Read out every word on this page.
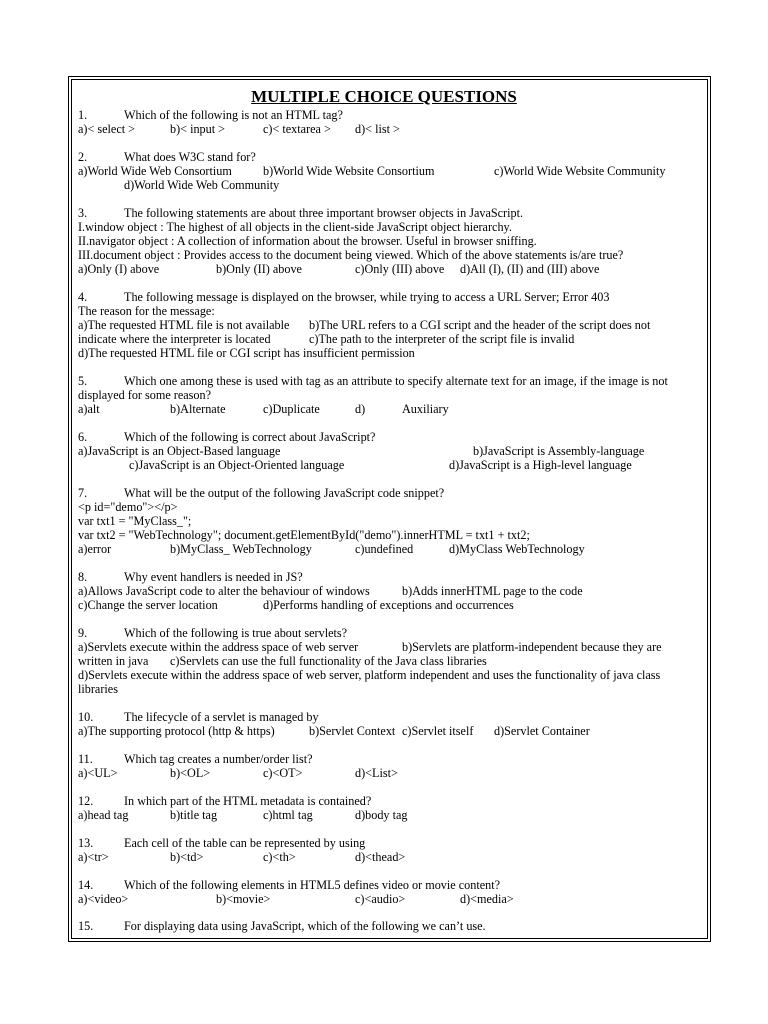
MULTIPLE CHOICE QUESTIONS
1.	Which of the following is not an HTML tag?
a)< select >	b)< input >	c)< textarea > d)< list >
2.	What does W3C stand for?
a)World Wide Web Consortium	b)World Wide Website Consortium	c)World Wide Website Community
d)World Wide Web Community
3.	The following statements are about three important browser objects in JavaScript.
I.window object : The highest of all objects in the client-side JavaScript object hierarchy.
II.navigator object : A collection of information about the browser. Useful in browser sniffing.
III.document object : Provides access to the document being viewed. Which of the above statements is/are true?
a)Only (I) above	b)Only (II) above	c)Only (III) above d)All (I), (II) and (III) above
4.	The following message is displayed on the browser, while trying to access a URL Server; Error 403
The reason for the message:
a)The requested HTML file is not available b)The URL refers to a CGI script and the header of the script does not
indicate where the interpreter is located	c)The path to the interpreter of the script file is invalid
d)The requested HTML file or CGI script has insufficient permission
5.	Which one among these is used with tag as an attribute to specify alternate text for an image, if the image is not
displayed for some reason?
a)alt	b)Alternate	c)Duplicate	d)	Auxiliary
6.	Which of the following is correct about JavaScript?
a)JavaScript is an Object-Based language	b)JavaScript is Assembly-language
c)JavaScript is an Object-Oriented language	d)JavaScript is a High-level language
7.	What will be the output of the following JavaScript code snippet?
<p id="demo"></p>
var txt1 = "MyClass_";
var txt2 = "WebTechnology"; document.getElementById("demo").innerHTML = txt1 + txt2;
a)error	b)MyClass_ WebTechnology	c)undefined	d)MyClass WebTechnology
8.	Why event handlers is needed in JS?
a)Allows JavaScript code to alter the behaviour of windows	b)Adds innerHTML page to the code
c)Change the server location	d)Performs handling of exceptions and occurrences
9.	Which of the following is true about servlets?
a)Servlets execute within the address space of web server	b)Servlets are platform-independent because they are
written in java c)Servlets can use the full functionality of the Java class libraries
d)Servlets execute within the address space of web server, platform independent and uses the functionality of java class
libraries
10.	The lifecycle of a servlet is managed by
a)The supporting protocol (http & https)	b)Servlet Context c)Servlet itself d)Servlet Container
11.	Which tag creates a number/order list?
a)<UL>	b)<OL>	c)<OT>	d)<List>
12.	In which part of the HTML metadata is contained?
a)head tag	b)title tag	c)html tag	d)body tag
13.	Each cell of the table can be represented by using
a)<tr>	b)<td>	c)<th>	d)<thead>
14.	Which of the following elements in HTML5 defines video or movie content?
a)<video>	b)<movie>	c)<audio>	d)<media>
15.	For displaying data using JavaScript, which of the following we can’t use.
